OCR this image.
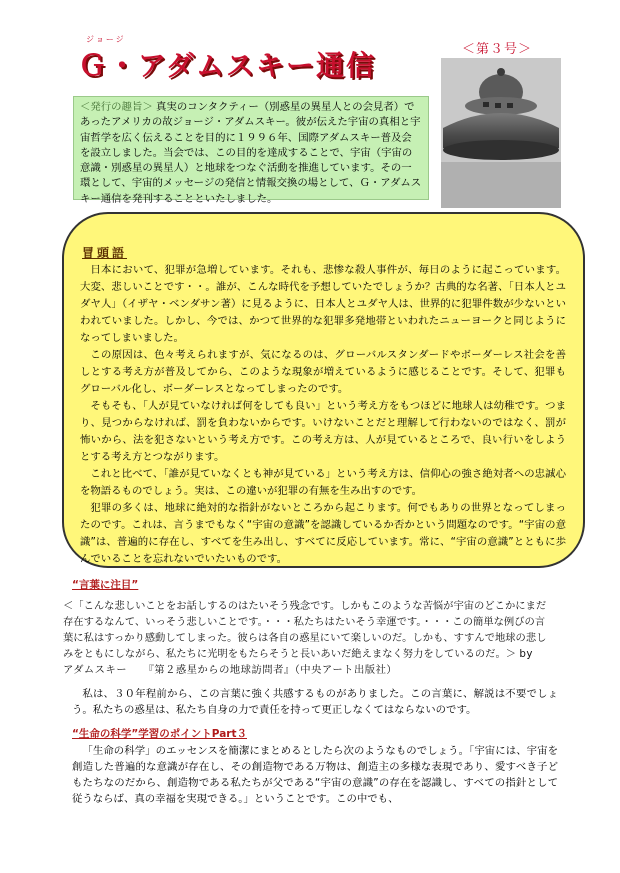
ジョージ
Ｇ・アダムスキー通信	＜第３号＞
＜発行の趣旨＞ 真実のコンタクティー（別惑星の異星人との会見者）であったアメリカの故ジョージ・アダムスキー。彼が伝えた宇宙の真相と宇宙哲学を広く伝えることを目的に１９９６年、国際アダムスキー普及会を設立しました。当会では、この目的を達成することで、宇宙（宇宙の意識・別惑星の異星人）と地球をつなぐ活動を推進しています。その一環として、宇宙的メッセージの発信と情報交換の場として、Ｇ・アダムスキー通信を発刊することといたしました。
冒頭語

日本において、犯罪が急増しています。それも、悲惨な殺人事件が、毎日のように起こっています。大変、悲しいことです・・。誰が、こんな時代を予想していたでしょうか？古典的な名著、「日本人とユダヤ人」（イザヤ・ベンダサン著）に見るように、日本人とユダヤ人は、世界的に犯罪件数が少ないといわれていました。しかし、今では、かつて世界的な犯罪多発地帯といわれたニューヨークと同じようになってしまいました。

この原因は、色々考えられますが、気になるのは、グローバルスタンダードやボーダーレス社会を善しとする考え方が普及してから、このような現象が増えているように感じることです。そして、犯罪もグローバル化し、ボーダーレスとなってしまったのです。

そもそも、「人が見ていなければ何をしても良い」という考え方をもつほどに地球人は幼稚です。つまり、見つからなければ、罰を負わないからです。いけないことだと理解して行わないのではなく、罰が怖いから、法を犯さないという考え方です。この考え方は、人が見ているところで、良い行いをしようとする考え方とつながります。

これと比べて、「誰が見ていなくとも神が見ている」という考え方は、信仰心の強さ絶対者への忠誠心を物語るものでしょう。実は、この違いが犯罪の有無を生み出すのです。

犯罪の多くは、地球に絶対的な指針がないところから起こります。何でもありの世界となってしまったのです。これは、言うまでもなく“宇宙の意識”を認識しているか否かという問題なのです。“宇宙の意識”は、普遍的に存在し、すべてを生み出し、すべてに反応しています。常に、“宇宙の意識”とともに歩んでいることを忘れないでいたいものです。

“言葉に注目”
＜「こんな悲しいことをお話しするのはたいそう残念です。しかもこのような苦悩が宇宙のどこかにまだ存在するなんて、いっそう悲しいことです。・・・私たちはたいそう幸運です。・・・この簡単な例びの言葉に私はすっかり感動してしまった。彼らは各自の惑星にいて楽しいのだ。しかも、すすんで地球の悲しみをともにしながら、私たちに光明をもたらそうと長いあいだ絶えまなく努力をしているのだ。＞ by　　アダムスキー　　『第２惑星からの地球訪問者』（中央アート出版社）
私は、３０年程前から、この言葉に強く共感するものがありました。この言葉に、解説は不要でしょう。私たちの惑星は、私たち自身の力で責任を持って更正しなくてはならないのです。
“生命の科学”学習のポイントPart３
「生命の科学」のエッセンスを簡潔にまとめるとしたら次のようなものでしょう。「宇宙には、宇宙を創造した普遍的な意識が存在し、その創造物である万物は、創造主の多様な表現であり、愛すべき子どもたちなのだから、創造物である私たちが父である“宇宙の意識”の存在を認識し、すべての指針として従うならば、真の幸福を実現できる。」ということです。この中でも、
